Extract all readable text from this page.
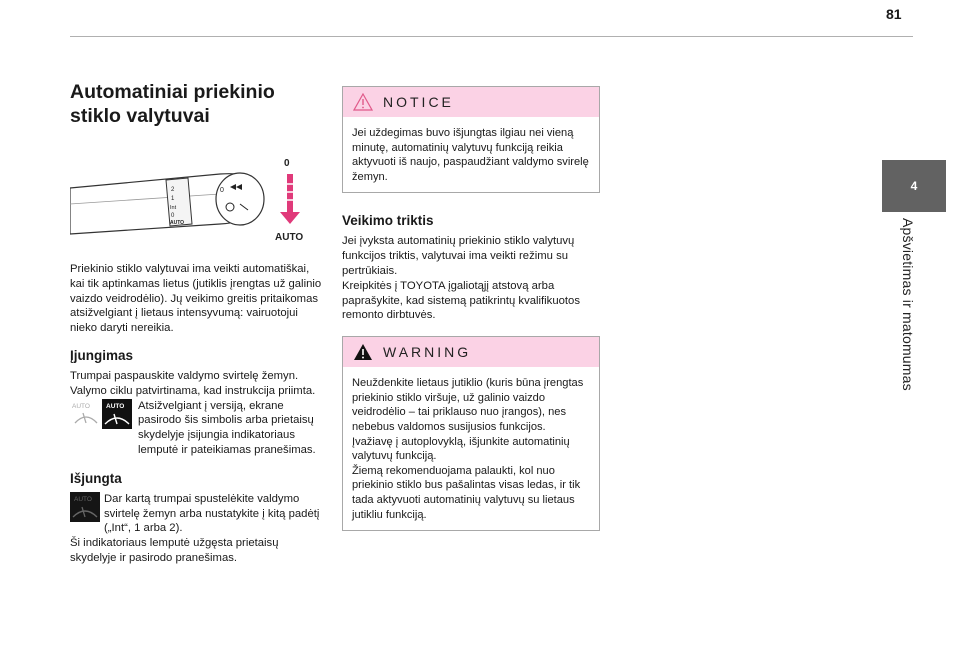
81
4
Apšvietimas ir matomumas
Automatiniai priekinio stiklo valytuvai
2
1
Int
0
AUTO
0
0
AUTO

Priekinio stiklo valytuvai ima veikti automatiškai, kai tik aptinkamas lietus (jutiklis įrengtas už galinio vaizdo veidrodėlio). Jų veikimo greitis pritaikomas atsižvelgiant į lietaus intensyvumą: vairuotojui nieko daryti nereikia.

Įjungimas

Trumpai paspauskite valdymo svirtelę žemyn. Valymo ciklu patvirtinama, kad instrukcija priimta.

AUTO AUTO Atsižvelgiant į versiją, ekrane pasirodo šis simbolis arba prietaisų skydelyje įsijungia indikatoriaus lemputė ir pateikiamas pranešimas.

Išjungta
AUTO Dar kartą trumpai spustelėkite valdymo svirtelę žemyn arba nustatykite į kitą padėtį („Int“, 1 arba 2).

Ši indikatoriaus lemputė užgęsta prietaisų skydelyje ir pasirodo pranešimas.

NOTICE

Jei uždegimas buvo išjungtas ilgiau nei vieną minutę, automatinių valytuvų funkciją reikia aktyvuoti iš naujo, paspaudžiant valdymo svirelę žemyn.

Veikimo triktis

Jei įvyksta automatinių priekinio stiklo valytuvų funkcijos triktis, valytuvai ima veikti režimu su pertrūkiais.

Kreipkitės į TOYOTA įgaliotąjį atstovą arba paprašykite, kad sistemą patikrintų kvalifikuotos remonto dirbtuvės.

WARNING

Neuždenkite lietaus jutiklio (kuris būna įrengtas priekinio stiklo viršuje, už galinio vaizdo veidrodėlio – tai priklauso nuo įrangos), nes nebebus valdomos susijusios funkcijos.

Įvažiavę į autoplovyklą, išjunkite automatinių valytuvų funkciją.

Žiemą rekomenduojama palaukti, kol nuo priekinio stiklo bus pašalintas visas ledas, ir tik tada aktyvuoti automatinių valytuvų su lietaus jutikliu funkciją.
